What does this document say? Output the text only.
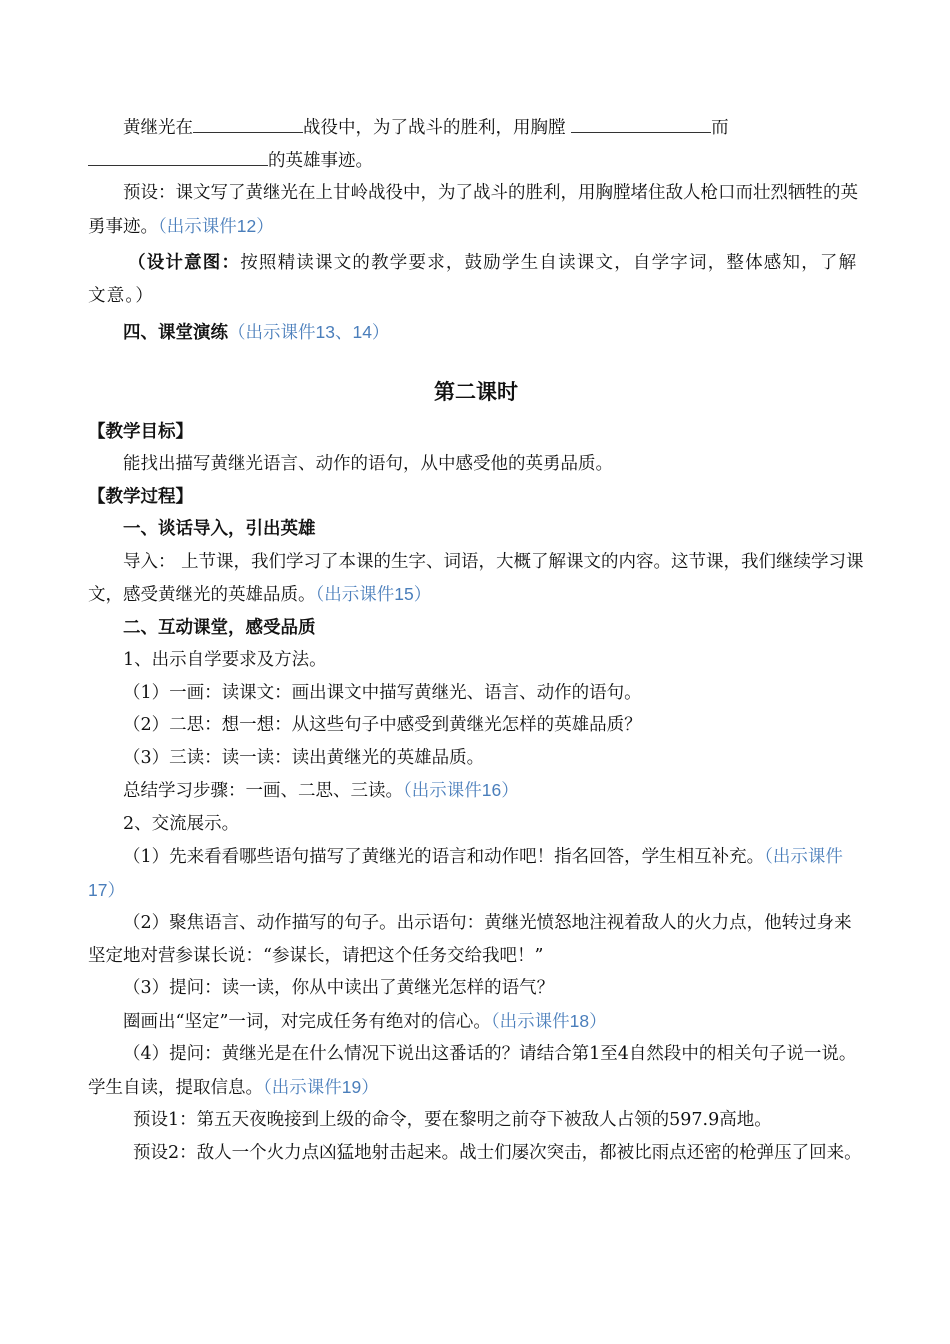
黄继光在	战役中，为了战斗的胜利，用胸膛	而

的英雄事迹。

预设：课文写了黄继光在上甘岭战役中，为了战斗的胜利，用胸膛堵住敌人枪口而壮烈牺牲的英勇事迹。（出示课件12）

（设计意图：按照精读课文的教学要求，鼓励学生自读课文，自学字词，整体感知，了解文意。）

四、课堂演练（出示课件13、14）

第二课时

【教学目标】

能找出描写黄继光语言、动作的语句，从中感受他的英勇品质。

【教学过程】

一、谈话导入，引出英雄

导入： 上节课，我们学习了本课的生字、词语，大概了解课文的内容。这节课，我们继续学习课文，感受黄继光的英雄品质。（出示课件15）

二、互动课堂，感受品质

1、出示自学要求及方法。

（1）一画：读课文：画出课文中描写黄继光、语言、动作的语句。

（2）二思：想一想：从这些句子中感受到黄继光怎样的英雄品质？

（3）三读：读一读：读出黄继光的英雄品质。

总结学习步骤：一画、二思、三读。（出示课件16）

2、交流展示。

（1）先来看看哪些语句描写了黄继光的语言和动作吧！指名回答，学生相互补充。（出示课件17）

（2）聚焦语言、动作描写的句子。出示语句：黄继光愤怒地注视着敌人的火力点，他转过身来坚定地对营参谋长说：“参谋长，请把这个任务交给我吧！”

（3）提问：读一读，你从中读出了黄继光怎样的语气？

圈画出“坚定”一词，对完成任务有绝对的信心。（出示课件18）

（4）提问：黄继光是在什么情况下说出这番话的？请结合第1至4自然段中的相关句子说一说。学生自读，提取信息。（出示课件19）

预设1：第五天夜晚接到上级的命令，要在黎明之前夺下被敌人占领的597.9高地。

预设2：敌人一个火力点凶猛地射击起来。战士们屡次突击，都被比雨点还密的枪弹压了回来。
